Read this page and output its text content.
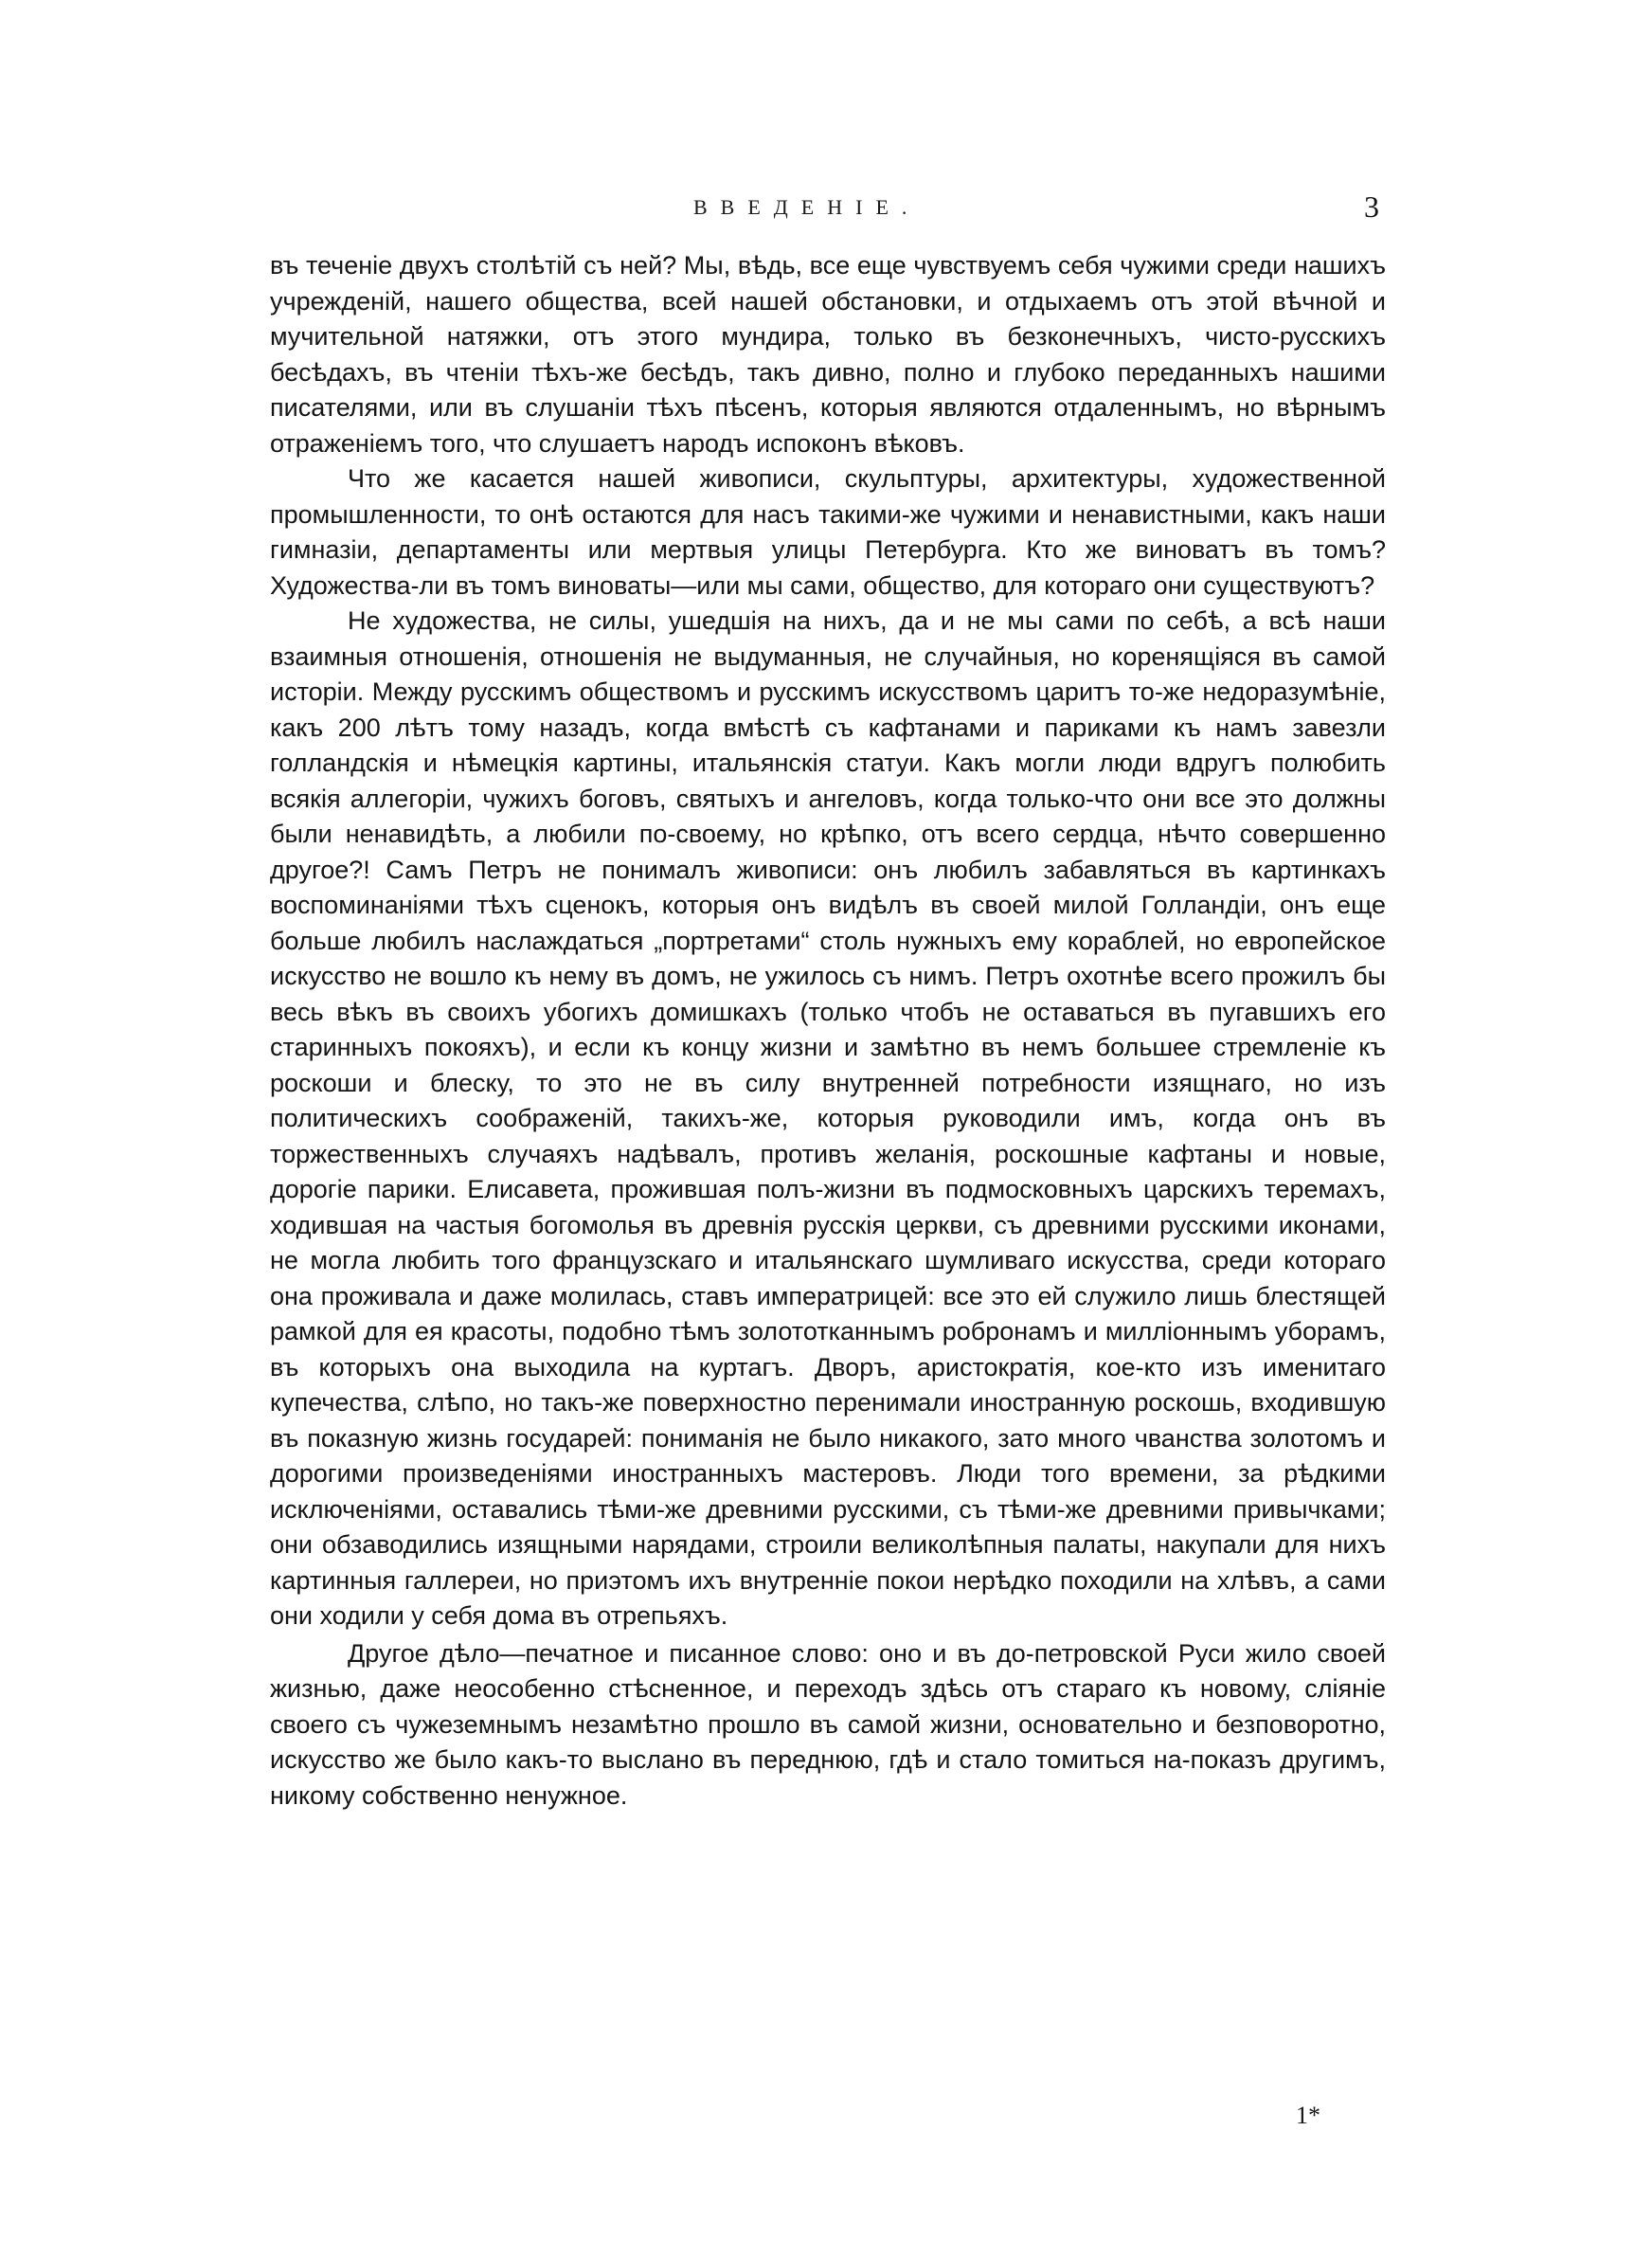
ВВЕДЕНІЕ.	3

въ теченіе двухъ столѣтій съ ней? Мы, вѣдь, все еще чувствуемъ себя чужими среди нашихъ учрежденій, нашего общества, всей нашей обстановки, и отдыхаемъ отъ этой вѣчной и мучительной натяжки, отъ этого мундира, только въ безконечныхъ, чисто-русскихъ бесѣдахъ, въ чтеніи тѣхъ-же бесѣдъ, такъ дивно, полно и глубоко переданныхъ нашими писателями, или въ слушаніи тѣхъ пѣсенъ, которыя являются отдаленнымъ, но вѣрнымъ отраженіемъ того, что слушаетъ народъ испоконъ вѣковъ.

Что же касается нашей живописи, скульптуры, архитектуры, художественной промышленности, то онѣ остаются для насъ такими-же чужими и ненавистными, какъ наши гимназіи, департаменты или мертвыя улицы Петербурга. Кто же виноватъ въ томъ? Художества-ли въ томъ виноваты—или мы сами, общество, для котораго они существуютъ?

Не художества, не силы, ушедшія на нихъ, да и не мы сами по себѣ, а всѣ наши взаимныя отношенія, отношенія не выдуманныя, не случайныя, но коренящіяся въ самой исторіи. Между русскимъ обществомъ и русскимъ искусствомъ царитъ то-же недоразумѣніе, какъ 200 лѣтъ тому назадъ, когда вмѣстѣ съ кафтанами и париками къ намъ завезли голландскія и нѣмецкія картины, итальянскія статуи. Какъ могли люди вдругъ полюбить всякія аллегоріи, чужихъ боговъ, святыхъ и ангеловъ, когда только-что они все это должны были ненавидѣть, а любили по-своему, но крѣпко, отъ всего сердца, нѣчто совершенно другое?! Самъ Петръ не понималъ живописи: онъ любилъ забавляться въ картинкахъ воспоминаніями тѣхъ сценокъ, которыя онъ видѣлъ въ своей милой Голландіи, онъ еще больше любилъ наслаждаться „портретами“ столь нужныхъ ему кораблей, но европейское искусство не вошло къ нему въ домъ, не ужилось съ нимъ. Петръ охотнѣе всего прожилъ бы весь вѣкъ въ своихъ убогихъ домишкахъ (только чтобъ не оставаться въ пугавшихъ его старинныхъ покояхъ), и если къ концу жизни и замѣтно въ немъ большее стремленіе къ роскоши и блеску, то это не въ силу внутренней потребности изящнаго, но изъ политическихъ соображеній, такихъ-же, которыя руководили имъ, когда онъ въ торжественныхъ случаяхъ надѣвалъ, противъ желанія, роскошные кафтаны и новые, дорогіе парики. Елисавета, прожившая полъ-жизни въ подмосковныхъ царскихъ теремахъ, ходившая на частыя богомолья въ древнія русскія церкви, съ древними русскими иконами, не могла любить того французскаго и итальянскаго шумливаго искусства, среди котораго она проживала и даже молилась, ставъ императрицей: все это ей служило лишь блестящей рамкой для ея красоты, подобно тѣмъ золототканнымъ робронамъ и милліоннымъ уборамъ, въ которыхъ она выходила на куртагъ. Дворъ, аристократія, кое-кто изъ именитаго купечества, слѣпо, но такъ-же поверхностно перенимали иностранную роскошь, входившую въ показную жизнь государей: пониманія не было никакого, зато много чванства золотомъ и дорогими произведеніями иностранныхъ мастеровъ. Люди того времени, за рѣдкими исключеніями, оставались тѣми-же древними русскими, съ тѣми-же древними привычками; они обзаводились изящными нарядами, строили великолѣпныя палаты, накупали для нихъ картинныя галлереи, но приэтомъ ихъ внутренніе покои нерѣдко походили на хлѣвъ, а сами они ходили у себя дома въ отрепьяхъ.

Другое дѣло—печатное и писанное слово: оно и въ до-петровской Руси жило своей жизнью, даже неособенно стѣсненное, и переходъ здѣсь отъ стараго къ новому, сліяніе своего съ чужеземнымъ незамѣтно прошло въ самой жизни, основательно и безповоротно, искусство же было какъ-то выслано въ переднюю, гдѣ и стало томиться на-показъ другимъ, никому собственно ненужное.

1*
